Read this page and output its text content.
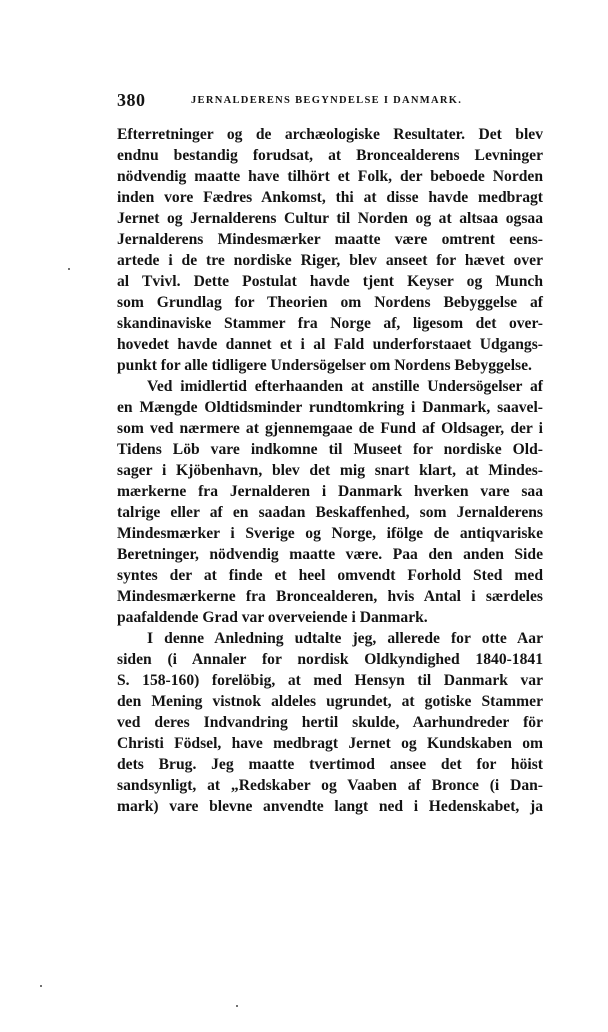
380	JERNALDERENS BEGYNDELSE I DANMARK.
Efterretninger og de archæologiske Resultater. Det blev
endnu bestandig forudsat, at Broncealderens Levninger
nödvendig maatte have tilhört et Folk, der beboede Norden
inden vore Fædres Ankomst, thi at disse havde medbragt
Jernet og Jernalderens Cultur til Norden og at altsaa ogsaa
Jernalderens Mindesmærker maatte være omtrent eens-
artede i de tre nordiske Riger, blev anseet for hævet over
al Tvivl. Dette Postulat havde tjent Keyser og Munch
som Grundlag for Theorien om Nordens Bebyggelse af
skandinaviske Stammer fra Norge af, ligesom det over-
hovedet havde dannet et i al Fald underforstaaet Udgangs-
punkt for alle tidligere Undersögelser om Nordens Bebyggelse.
Ved imidlertid efterhaanden at anstille Undersögelser af
en Mængde Oldtidsminder rundtomkring i Danmark, saavel-
som ved nærmere at gjennemgaae de Fund af Oldsager, der i
Tidens Löb vare indkomne til Museet for nordiske Old-
sager i Kjöbenhavn, blev det mig snart klart, at Mindes-
mærkerne fra Jernalderen i Danmark hverken vare saa
talrige eller af en saadan Beskaffenhed, som Jernalderens
Mindesmærker i Sverige og Norge, ifölge de antiqvariske
Beretninger, nödvendig maatte være. Paa den anden Side
syntes der at finde et heel omvendt Forhold Sted med
Mindesmærkerne fra Broncealderen, hvis Antal i særdeles
paafaldende Grad var overveiende i Danmark.
I denne Anledning udtalte jeg, allerede for otte Aar
siden (i Annaler for nordisk Oldkyndighed 1840-1841
S. 158-160) forelöbig, at med Hensyn til Danmark var
den Mening vistnok aldeles ugrundet, at gotiske Stammer
ved deres Indvandring hertil skulde, Aarhundreder för
Christi Födsel, have medbragt Jernet og Kundskaben om
dets Brug. Jeg maatte tvertimod ansee det for höist
sandsynligt, at „Redskaber og Vaaben af Bronce (i Dan-
mark) vare blevne anvendte langt ned i Hedenskabet, ja
